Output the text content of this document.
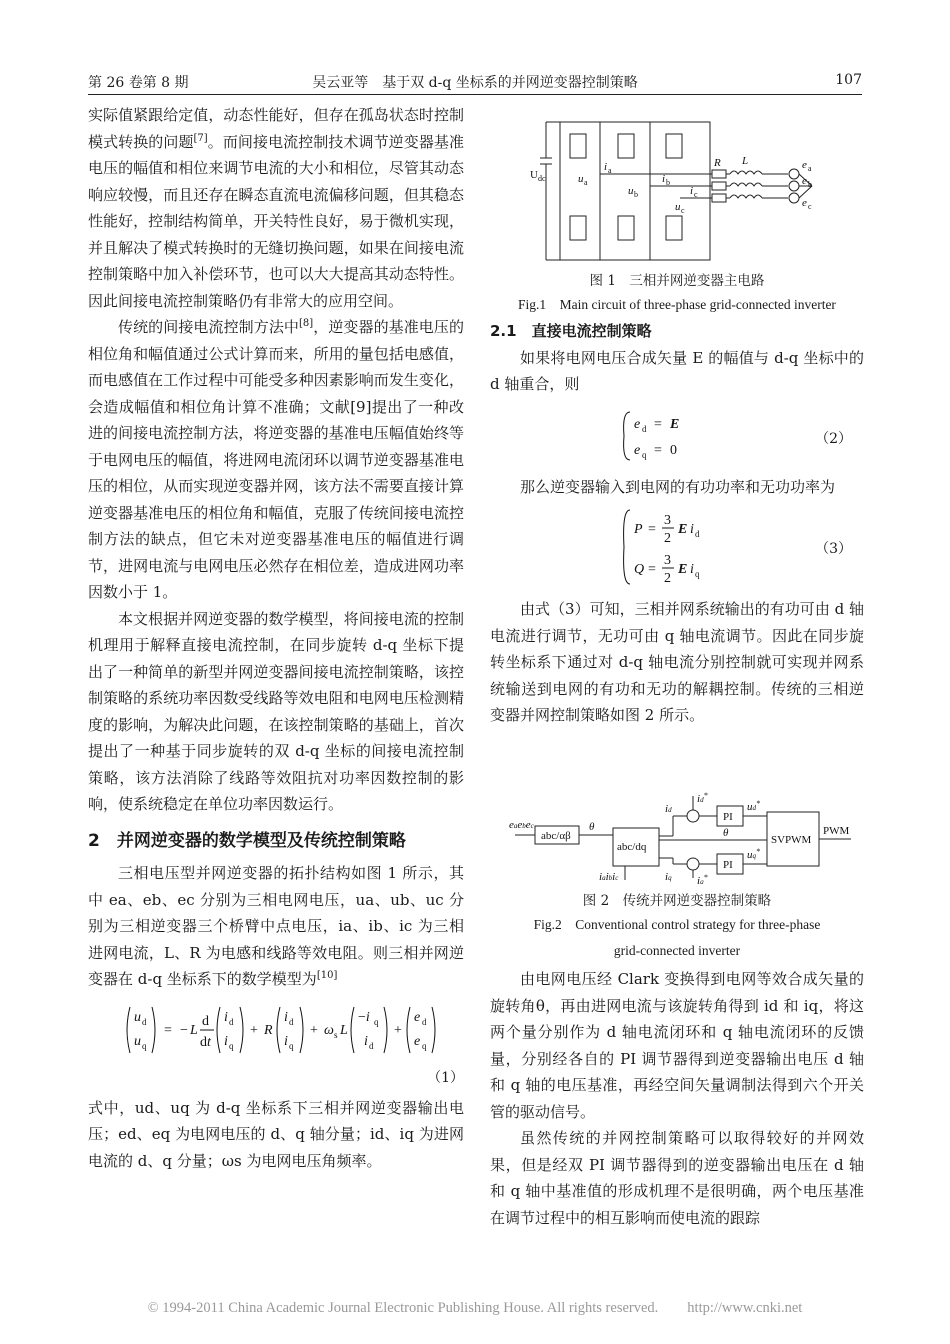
第 26 卷第 8 期	吴云亚等　基于双 d-q 坐标系的并网逆变器控制策略	107

实际值紧跟给定值，动态性能好，但存在孤岛状态时控制模式转换的问题[7]。而间接电流控制技术调节逆变器基准电压的幅值和相位来调节电流的大小和相位，尽管其动态响应较慢，而且还存在瞬态直流电流偏移问题，但其稳态性能好，控制结构简单，开关特性良好，易于微机实现，并且解决了模式转换时的无缝切换问题，如果在间接电流控制策略中加入补偿环节，也可以大大提高其动态特性。因此间接电流控制策略仍有非常大的应用空间。

传统的间接电流控制方法中[8]，逆变器的基准电压的相位角和幅值通过公式计算而来，所用的量包括电感值，而电感值在工作过程中可能受多种因素影响而发生变化，会造成幅值和相位角计算不准确；文献[9]提出了一种改进的间接电流控制方法，将逆变器的基准电压幅值始终等于电网电压的幅值，将进网电流闭环以调节逆变器基准电压的相位，从而实现逆变器并网，该方法不需要直接计算逆变器基准电压的相位角和幅值，克服了传统间接电流控制方法的缺点，但它未对逆变器基准电压的幅值进行调节，进网电流与电网电压必然存在相位差，造成进网功率因数小于 1。

本文根据并网逆变器的数学模型，将间接电流的控制机理用于解释直接电流控制，在同步旋转 d-q 坐标下提出了一种简单的新型并网逆变器间接电流控制策略，该控制策略的系统功率因数受线路等效电阻和电网电压检测精度的影响，为解决此问题，在该控制策略的基础上，首次提出了一种基于同步旋转的双 d-q 坐标的间接电流控制策略，该方法消除了线路等效阻抗对功率因数控制的影响，使系统稳定在单位功率因数运行。

2　并网逆变器的数学模型及传统控制策略

三相电压型并网逆变器的拓扑结构如图 1 所示，其中 ea、eb、ec 分别为三相电网电压，ua、ub、uc 分别为三相逆变器三个桥臂中点电压，ia、ib、ic 为三相进网电流，L、R 为电感和线路等效电阻。则三相并网逆变器在 d-q 坐标系下的数学模型为[10]

u d
u q
= − L
d
dt
i d
i q
+ R
i d
i q
+ ω s L
−i q
i d
+
e d
e q
（1）

式中，ud、uq 为 d-q 坐标系下三相并网逆变器输出电压；ed、eq 为电网电压的 d、q 轴分量；id、iq 为进网电流的 d、q 分量；ωs 为电网电压角频率。

U dc	u a
u b
u c
i a
i b
i c
R L	e a
e b
e c
图 1　三相并网逆变器主电路
Fig.1　Main circuit of three-phase grid-connected inverter
2.1　直接电流控制策略

如果将电网电压合成矢量 E 的幅值与 d-q 坐标中的 d 轴重合，则

e d = E
e q = 0
（2）

那么逆变器输入到电网的有功功率和无功功率为

P =
3
2
E i d
Q =
3
2
E i q
（3）

由式（3）可知，三相并网系统输出的有功可由 d 轴电流进行调节，无功可由 q 轴电流调节。因此在同步旋转坐标系下通过对 d-q 轴电流分别控制就可实现并网系统输送到电网的有功和无功的解耦控制。传统的三相逆变器并网控制策略如图 2 所示。

abc/αβ
abc/dq
PI
PI
SVPWM
PWM
θ
eaebec
iaibic
id
iq
id*
iq*
ud*
uq*
θ
图 2　传统并网逆变器控制策略
Fig.2　Conventional control strategy for three-phase
grid-connected inverter

由电网电压经 Clark 变换得到电网等效合成矢量的旋转角θ，再由进网电流与该旋转角得到 id 和 iq，将这两个量分别作为 d 轴电流闭环和 q 轴电流闭环的反馈量，分别经各自的 PI 调节器得到逆变器输出电压 d 轴和 q 轴的电压基准，再经空间矢量调制法得到六个开关管的驱动信号。

虽然传统的并网控制策略可以取得较好的并网效果，但是经双 PI 调节器得到的逆变器输出电压在 d 轴和 q 轴中基准值的形成机理不是很明确，两个电压基准在调节过程中的相互影响而使电流的跟踪

© 1994-2011 China Academic Journal Electronic Publishing House. All rights reserved.　　http://www.cnki.net
